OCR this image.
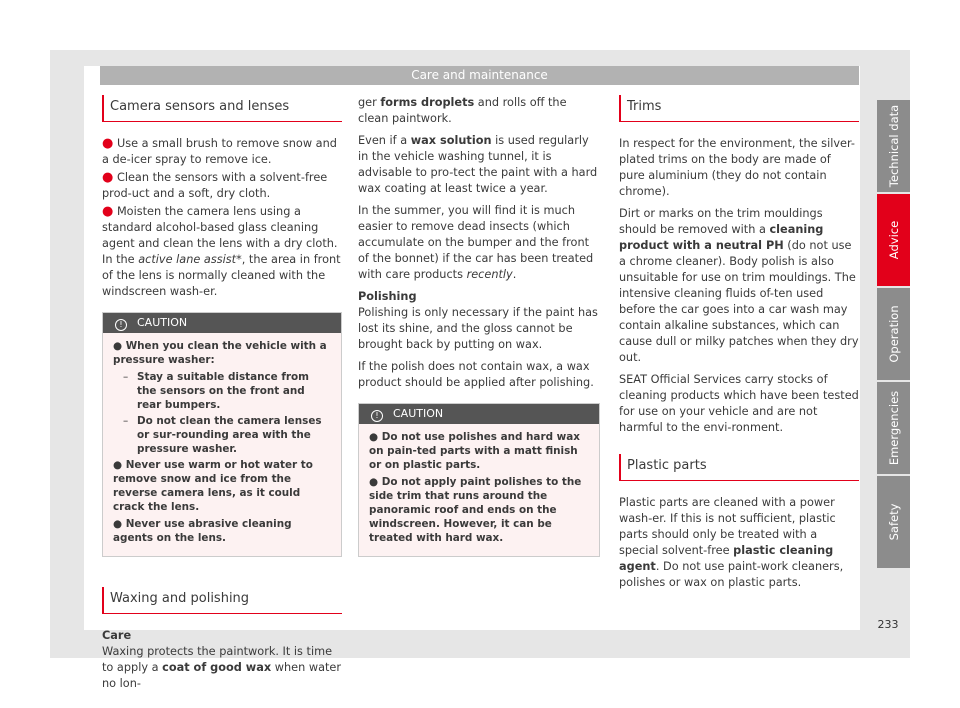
Care and maintenance
Camera sensors and lenses
● Use a small brush to remove snow and a de-icer spray to remove ice.
● Clean the sensors with a solvent-free prod-uct and a soft, dry cloth.
● Moisten the camera lens using a standard alcohol-based glass cleaning agent and clean the lens with a dry cloth. In the active lane assist*, the area in front of the lens is normally cleaned with the windscreen wash-er.
! CAUTION
● When you clean the vehicle with a pressure washer:
– Stay a suitable distance from the sensors on the front and rear bumpers.
– Do not clean the camera lenses or sur-rounding area with the pressure washer.
● Never use warm or hot water to remove snow and ice from the reverse camera lens, as it could crack the lens.
● Never use abrasive cleaning agents on the lens.
Waxing and polishing
Care

Waxing protects the paintwork. It is time to apply a coat of good wax when water no lon-

ger forms droplets and rolls off the clean paintwork.

Even if a wax solution is used regularly in the vehicle washing tunnel, it is advisable to pro-tect the paint with a hard wax coating at least twice a year.

In the summer, you will find it is much easier to remove dead insects (which accumulate on the bumper and the front of the bonnet) if the car has been treated with care products recently.

Polishing

Polishing is only necessary if the paint has lost its shine, and the gloss cannot be brought back by putting on wax.

If the polish does not contain wax, a wax product should be applied after polishing.

! CAUTION
● Do not use polishes and hard wax on pain-ted parts with a matt finish or on plastic parts.
● Do not apply paint polishes to the side trim that runs around the panoramic roof and ends on the windscreen. However, it can be treated with hard wax.
Trims

In respect for the environment, the silver-plated trims on the body are made of pure aluminium (they do not contain chrome).

Dirt or marks on the trim mouldings should be removed with a cleaning product with a neutral PH (do not use a chrome cleaner). Body polish is also unsuitable for use on trim mouldings. The intensive cleaning fluids of-ten used before the car goes into a car wash may contain alkaline substances, which can cause dull or milky patches when they dry out.

SEAT Official Services carry stocks of cleaning products which have been tested for use on your vehicle and are not harmful to the envi-ronment.

Plastic parts

Plastic parts are cleaned with a power wash-er. If this is not sufficient, plastic parts should only be treated with a special solvent-free plastic cleaning agent. Do not use paint-work cleaners, polishes or wax on plastic parts.

Technical data
Advice
Operation
Emergencies
Safety
233
